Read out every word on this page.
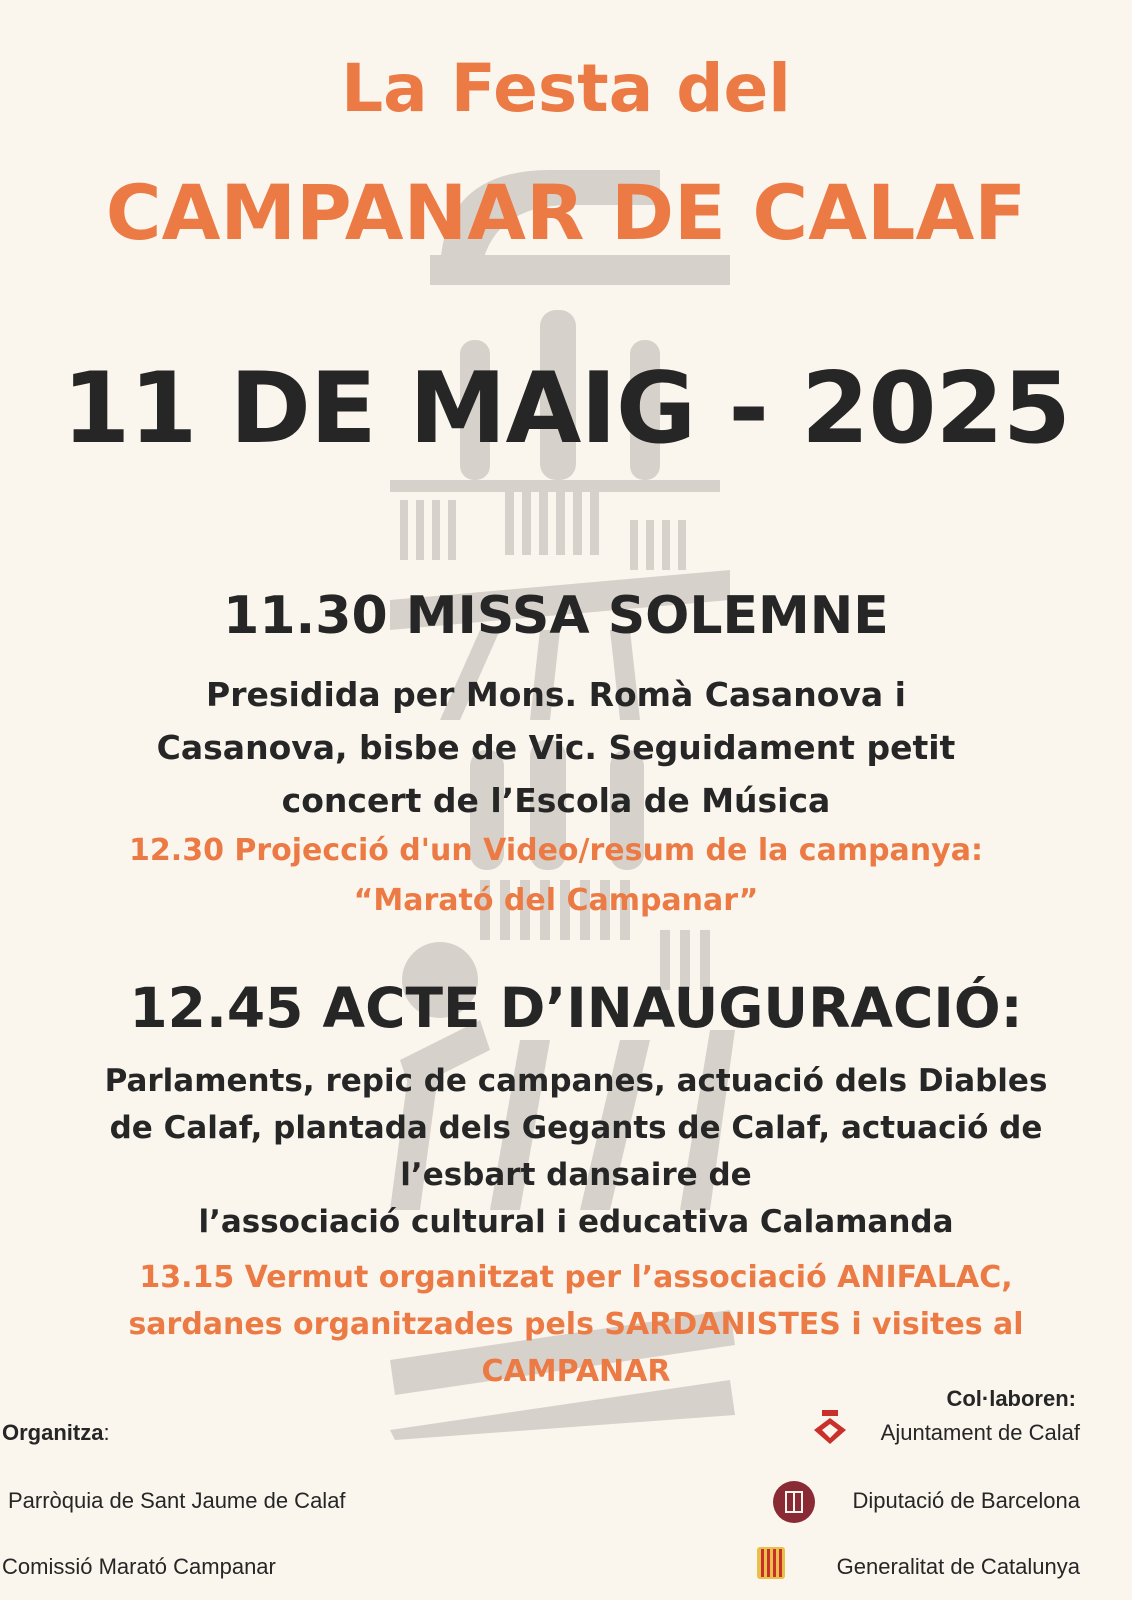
La Festa del
CAMPANAR DE CALAF
11 DE MAIG - 2025
11.30 MISSA SOLEMNE
Presidida per Mons. Romà Casanova i
Casanova, bisbe de Vic. Seguidament petit
concert de l’Escola de Música
12.30 Projecció d'un Video/resum de la campanya:
“Marató del Campanar”
12.45 ACTE D’INAUGURACIÓ:
Parlaments, repic de campanes, actuació dels Diables
de Calaf, plantada dels Gegants de Calaf, actuació de
l’esbart dansaire de
l’associació cultural i educativa Calamanda
13.15 Vermut organitzat per l’associació ANIFALAC,
sardanes organitzades pels SARDANISTES i visites al
CAMPANAR
Organitza:
Parròquia de Sant Jaume de Calaf
Comissió Marató Campanar
Col·laboren:
Ajuntament de Calaf
Diputació de Barcelona
Generalitat de Catalunya
